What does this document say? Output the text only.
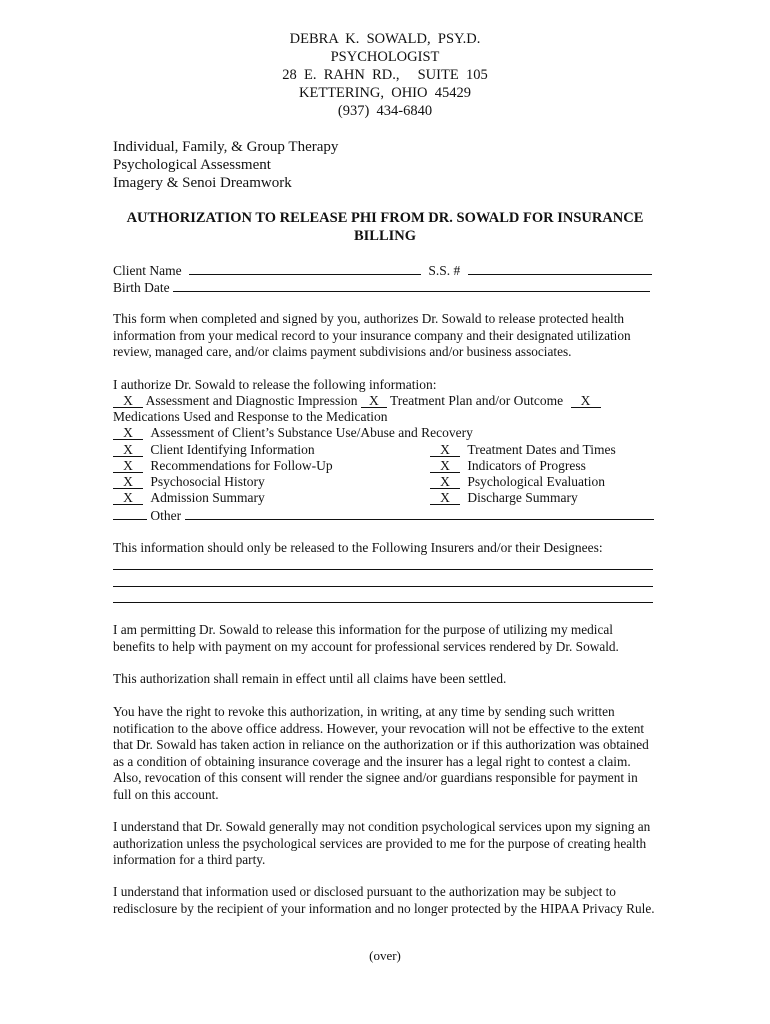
DEBRA  K.  SOWALD,  PSY.D.
PSYCHOLOGIST
28  E.  RAHN  RD.,     SUITE  105
KETTERING,  OHIO  45429
(937)  434-6840
Individual, Family, & Group Therapy
Psychological Assessment
Imagery & Senoi Dreamwork
AUTHORIZATION TO RELEASE PHI FROM DR. SOWALD FOR INSURANCE
BILLING
Client Name	S.S. #
Birth Date
This form when completed and signed by you, authorizes Dr. Sowald to release protected health information from your medical record to your insurance company and their designated utilization review, managed care, and/or claims payment subdivisions and/or business associates.
I authorize Dr. Sowald to release the following information:
X Assessment and Diagnostic Impression X Treatment Plan and/or Outcome X
Medications Used and Response to the Medication
X Assessment of Client’s Substance Use/Abuse and Recovery
X Client Identifying Information	X Treatment Dates and Times
X Recommendations for Follow-Up	X Indicators of Progress
X Psychosocial History	X Psychological Evaluation
X Admission Summary	X Discharge Summary
Other
This information should only be released to the Following Insurers and/or their Designees:
I am permitting Dr. Sowald to release this information for the purpose of utilizing my medical benefits to help with payment on my account for professional services rendered by Dr. Sowald.
This authorization shall remain in effect until all claims have been settled.
You have the right to revoke this authorization, in writing, at any time by sending such written notification to the above office address. However, your revocation will not be effective to the extent that Dr. Sowald has taken action in reliance on the authorization or if this authorization was obtained as a condition of obtaining insurance coverage and the insurer has a legal right to contest a claim. Also, revocation of this consent will render the signee and/or guardians responsible for payment in full on this account.
I understand that Dr. Sowald generally may not condition psychological services upon my signing an authorization unless the psychological services are provided to me for the purpose of creating health information for a third party.
I understand that information used or disclosed pursuant to the authorization may be subject to redisclosure by the recipient of your information and no longer protected by the HIPAA Privacy Rule.
(over)
